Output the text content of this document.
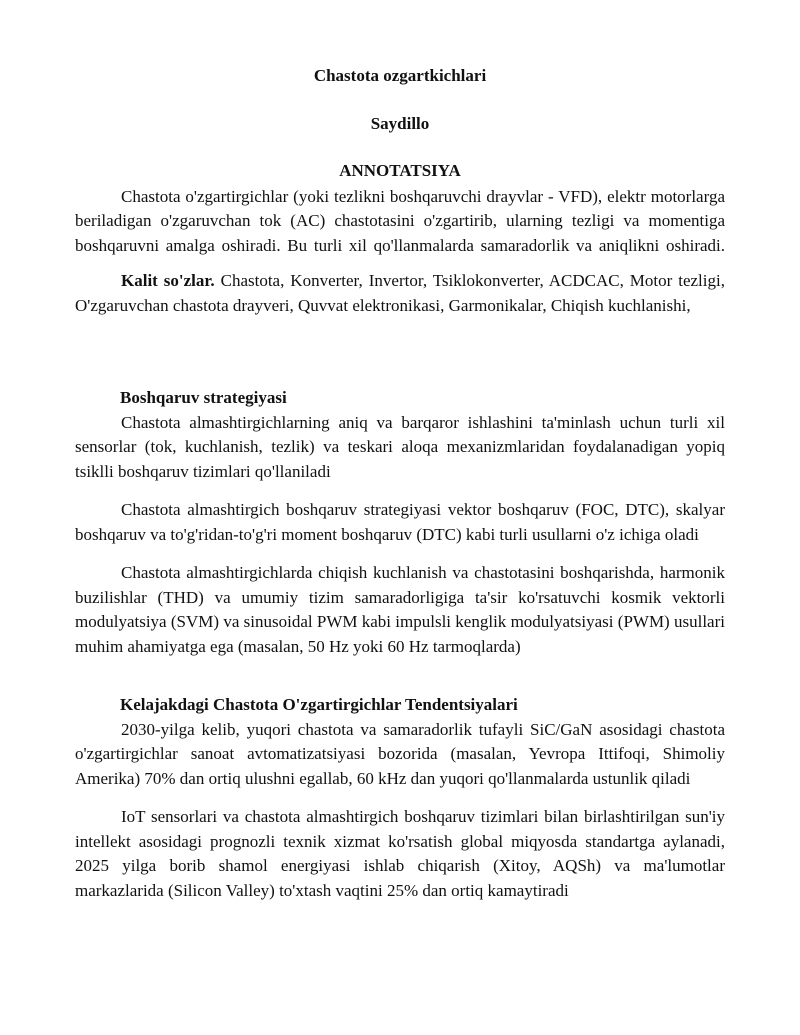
Chastota ozgartkichlari
Saydillo
ANNOTATSIYA

Chastota o'zgartirgichlar (yoki tezlikni boshqaruvchi drayvlar - VFD), elektr motorlarga beriladigan o'zgaruvchan tok (AC) chastotasini o'zgartirib, ularning tezligi va momentiga boshqaruvni amalga oshiradi. Bu turli xil qo'llanmalarda samaradorlik va aniqlikni oshiradi.

Kalit so'zlar. Chastota, Konverter, Invertor, Tsiklokonverter, ACDCAC, Motor tezligi, O'zgaruvchan chastota drayveri, Quvvat elektronikasi, Garmonikalar, Chiqish kuchlanishi,

Boshqaruv strategiyasi

Chastota almashtirgichlarning aniq va barqaror ishlashini ta'minlash uchun turli xil sensorlar (tok, kuchlanish, tezlik) va teskari aloqa mexanizmlaridan foydalanadigan yopiq tsiklli boshqaruv tizimlari qo'llaniladi

Chastota almashtirgich boshqaruv strategiyasi vektor boshqaruv (FOC, DTC), skalyar boshqaruv va to'g'ridan-to'g'ri moment boshqaruv (DTC) kabi turli usullarni o'z ichiga oladi

Chastota almashtirgichlarda chiqish kuchlanish va chastotasini boshqarishda, harmonik buzilishlar (THD) va umumiy tizim samaradorligiga ta'sir ko'rsatuvchi kosmik vektorli modulyatsiya (SVM) va sinusoidal PWM kabi impulsli kenglik modulyatsiyasi (PWM) usullari muhim ahamiyatga ega (masalan, 50 Hz yoki 60 Hz tarmoqlarda)

Kelajakdagi Chastota O'zgartirgichlar Tendentsiyalari

2030-yilga kelib, yuqori chastota va samaradorlik tufayli SiC/GaN asosidagi chastota o'zgartirgichlar sanoat avtomatizatsiyasi bozorida (masalan, Yevropa Ittifoqi, Shimoliy Amerika) 70% dan ortiq ulushni egallab, 60 kHz dan yuqori qo'llanmalarda ustunlik qiladi

IoT sensorlari va chastota almashtirgich boshqaruv tizimlari bilan birlashtirilgan sun'iy intellekt asosidagi prognozli texnik xizmat ko'rsatish global miqyosda standartga aylanadi, 2025 yilga borib shamol energiyasi ishlab chiqarish (Xitoy, AQSh) va ma'lumotlar markazlarida (Silicon Valley) to'xtash vaqtini 25% dan ortiq kamaytiradi
